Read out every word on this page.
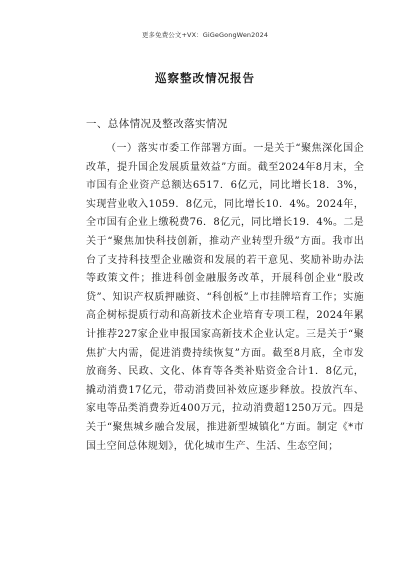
更多免费公文+VX：GiGeGongWen2024
巡察整改情况报告
一、总体情况及整改落实情况

（一）落实市委工作部署方面。一是关于“聚焦深化国企改革，提升国企发展质量效益”方面。截至2024年8月末，全市国有企业资产总额达6517．6亿元，同比增长18．3%，实现营业收入1059．8亿元，同比增长10．4%。2024年，全市国有企业上缴税费76．8亿元，同比增长19．4%。二是关于“聚焦加快科技创新，推动产业转型升级”方面。我市出台了支持科技型企业融资和发展的若干意见、奖励补助办法等政策文件；推进科创金融服务改革，开展科创企业“股改贷”、知识产权质押融资、“科创板”上市挂牌培育工作；实施高企树标提质行动和高新技术企业培育专项工程，2024年累计推荐227家企业申报国家高新技术企业认定。三是关于“聚焦扩大内需，促进消费持续恢复”方面。截至8月底，全市发放商务、民政、文化、体育等各类补贴资金合计1．8亿元，撬动消费17亿元，带动消费回补效应逐步释放。投放汽车、家电等品类消费券近400万元，拉动消费超1250万元。四是关于“聚焦城乡融合发展，推进新型城镇化”方面。制定《*市国土空间总体规划》，优化城市生产、生活、生态空间；
